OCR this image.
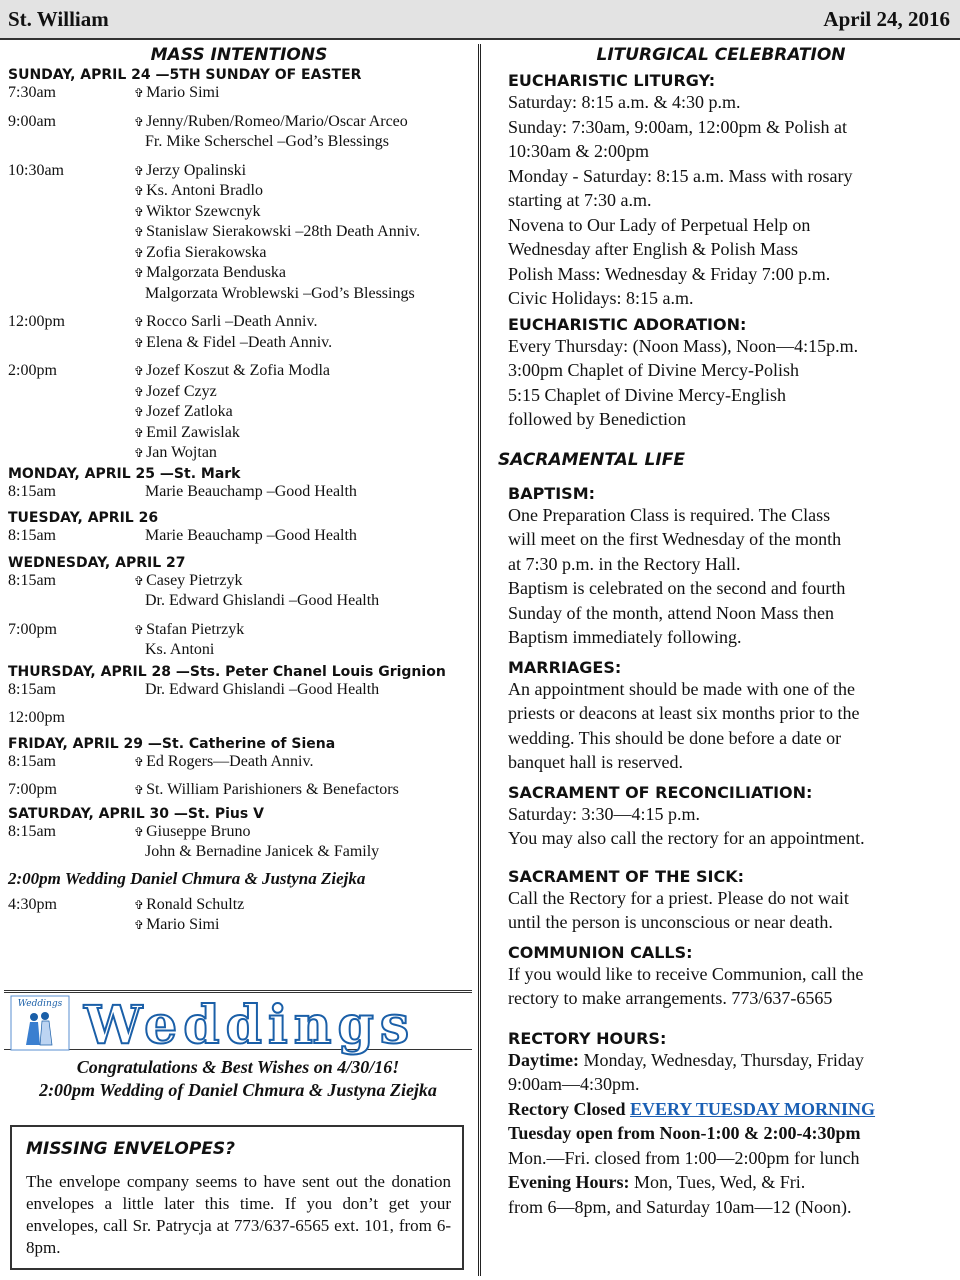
St. William	April 24, 2016
MASS INTENTIONS
SUNDAY, APRIL 24 —5TH SUNDAY OF EASTER
7:30am	✞ Mario Simi
9:00am	✞ Jenny/Ruben/Romeo/Mario/Oscar Arceo
Fr. Mike Scherschel –God’s Blessings
10:30am	✞ Jerzy Opalinski
✞ Ks. Antoni Bradlo
✞ Wiktor Szewcnyk
✞ Stanislaw Sierakowski –28th Death Anniv.
✞ Zofia Sierakowska
✞ Malgorzata Benduska
Malgorzata Wroblewski –God’s Blessings
12:00pm	✞ Rocco Sarli –Death Anniv.
✞ Elena & Fidel –Death Anniv.
2:00pm	✞ Jozef Koszut & Zofia Modla
✞ Jozef Czyz
✞ Jozef Zatloka
✞ Emil Zawislak
✞ Jan Wojtan
MONDAY, APRIL 25 —St. Mark
8:15am	Marie Beauchamp –Good Health
TUESDAY, APRIL 26
8:15am	Marie Beauchamp –Good Health
WEDNESDAY, APRIL 27
8:15am	✞ Casey Pietrzyk
Dr. Edward Ghislandi –Good Health
7:00pm	✞ Stafan Pietrzyk
Ks. Antoni
THURSDAY, APRIL 28 —Sts. Peter Chanel Louis Grignion
8:15am	Dr. Edward Ghislandi –Good Health
12:00pm
FRIDAY, APRIL 29 —St. Catherine of Siena
8:15am	✞ Ed Rogers—Death Anniv.
7:00pm	✞ St. William Parishioners & Benefactors
SATURDAY, APRIL 30 —St. Pius V
8:15am	✞ Giuseppe Bruno
John & Bernadine Janicek & Family
2:00pm Wedding Daniel Chmura & Justyna Ziejka
4:30pm	✞ Ronald Schultz
✞ Mario Simi
Weddings Weddings
Congratulations & Best Wishes on 4/30/16!
2:00pm Wedding of Daniel Chmura & Justyna Ziejka
MISSING ENVELOPES?
The envelope company seems to have sent out the donation envelopes a little later this time. If you don’t get your envelopes, call Sr. Patrycja at 773/637-6565 ext. 101, from 6-8pm.
LITURGICAL CELEBRATION
EUCHARISTIC LITURGY:
Saturday: 8:15 a.m. & 4:30 p.m.
Sunday: 7:30am, 9:00am, 12:00pm & Polish at
10:30am & 2:00pm
Monday - Saturday: 8:15 a.m. Mass with rosary
starting at 7:30 a.m.
Novena to Our Lady of Perpetual Help on
Wednesday after English & Polish Mass
Polish Mass: Wednesday & Friday 7:00 p.m.
Civic Holidays: 8:15 a.m.
EUCHARISTIC ADORATION:
Every Thursday: (Noon Mass), Noon—4:15p.m.
3:00pm Chaplet of Divine Mercy-Polish
5:15 Chaplet of Divine Mercy-English
followed by Benediction
SACRAMENTAL LIFE
BAPTISM:
One Preparation Class is required. The Class
will meet on the first Wednesday of the month
at 7:30 p.m. in the Rectory Hall.
Baptism is celebrated on the second and fourth
Sunday of the month, attend Noon Mass then
Baptism immediately following.
MARRIAGES:
An appointment should be made with one of the
priests or deacons at least six months prior to the
wedding. This should be done before a date or
banquet hall is reserved.
SACRAMENT OF RECONCILIATION:
Saturday: 3:30—4:15 p.m.
You may also call the rectory for an appointment.
SACRAMENT OF THE SICK:
Call the Rectory for a priest. Please do not wait
until the person is unconscious or near death.
COMMUNION CALLS:
If you would like to receive Communion, call the
rectory to make arrangements. 773/637-6565
RECTORY HOURS:
Daytime: Monday, Wednesday, Thursday, Friday
9:00am—4:30pm.
Rectory Closed EVERY TUESDAY MORNING
Tuesday open from Noon-1:00 & 2:00-4:30pm
Mon.—Fri. closed from 1:00—2:00pm for lunch
Evening Hours: Mon, Tues, Wed, & Fri.
from 6—8pm, and Saturday 10am—12 (Noon).
